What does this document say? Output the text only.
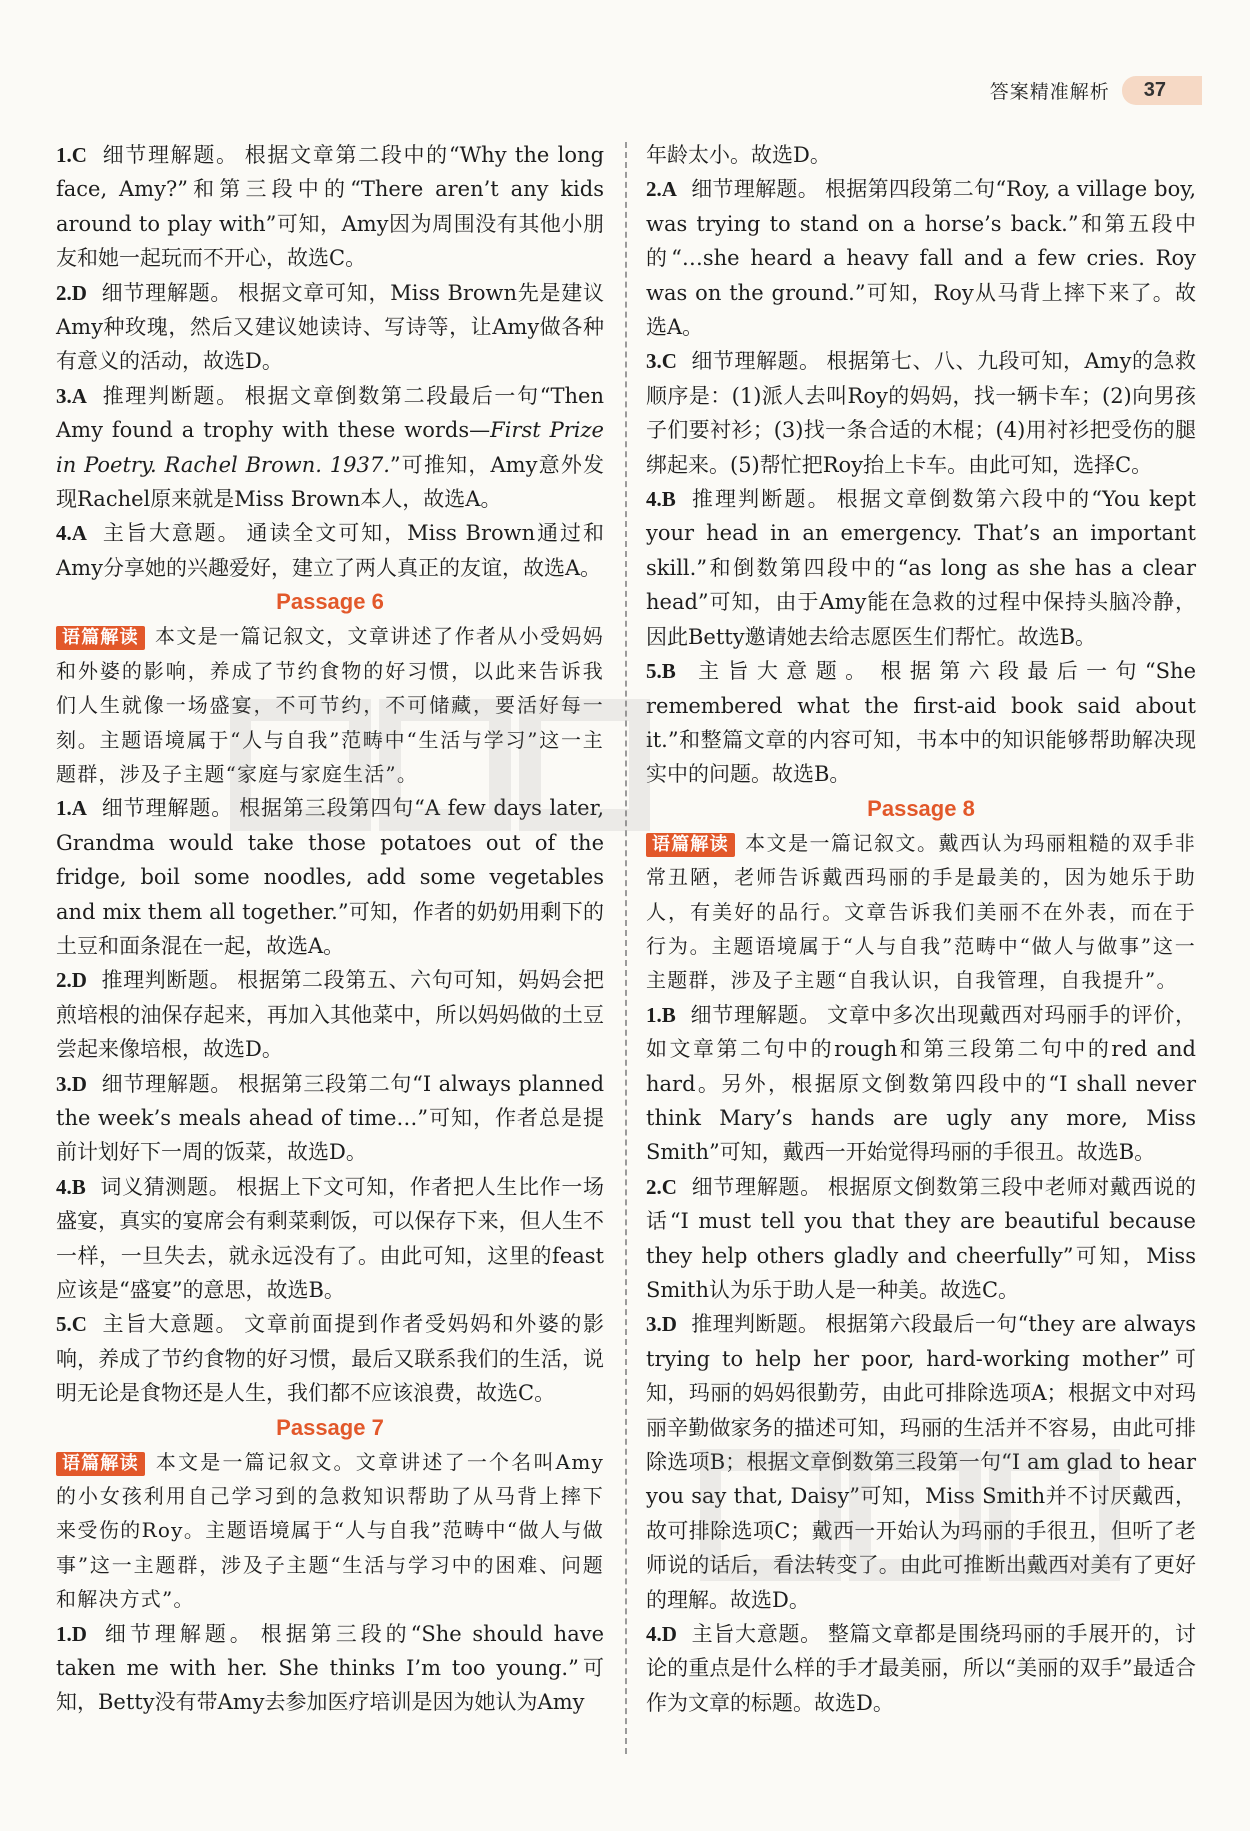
答案精准解析	37

1.C 细节理解题。 根据文章第二段中的“Why the long face, Amy?”和第三段中的“There aren’t any kids around to play with”可知，Amy因为周围没有其他小朋友和她一起玩而不开心，故选C。

2.D 细节理解题。 根据文章可知，Miss Brown先是建议Amy种玫瑰，然后又建议她读诗、写诗等，让Amy做各种有意义的活动，故选D。

3.A 推理判断题。 根据文章倒数第二段最后一句“Then Amy found a trophy with these words—First Prize in Poetry. Rachel Brown. 1937.”可推知，Amy意外发现Rachel原来就是Miss Brown本人，故选A。

4.A 主旨大意题。 通读全文可知，Miss Brown通过和Amy分享她的兴趣爱好，建立了两人真正的友谊，故选A。

Passage 6

语篇解读 本文是一篇记叙文，文章讲述了作者从小受妈妈和外婆的影响，养成了节约食物的好习惯，以此来告诉我们人生就像一场盛宴，不可节约，不可储藏，要活好每一刻。主题语境属于“人与自我”范畴中“生活与学习”这一主题群，涉及子主题“家庭与家庭生活”。

1.A 细节理解题。 根据第三段第四句“A few days later, Grandma would take those potatoes out of the fridge, boil some noodles, add some vegetables and mix them all together.”可知，作者的奶奶用剩下的土豆和面条混在一起，故选A。

2.D 推理判断题。 根据第二段第五、六句可知，妈妈会把煎培根的油保存起来，再加入其他菜中，所以妈妈做的土豆尝起来像培根，故选D。

3.D 细节理解题。 根据第三段第二句“I always planned the week’s meals ahead of time…”可知，作者总是提前计划好下一周的饭菜，故选D。

4.B 词义猜测题。 根据上下文可知，作者把人生比作一场盛宴，真实的宴席会有剩菜剩饭，可以保存下来，但人生不一样，一旦失去，就永远没有了。由此可知，这里的feast应该是“盛宴”的意思，故选B。

5.C 主旨大意题。 文章前面提到作者受妈妈和外婆的影响，养成了节约食物的好习惯，最后又联系我们的生活，说明无论是食物还是人生，我们都不应该浪费，故选C。

Passage 7

语篇解读 本文是一篇记叙文。文章讲述了一个名叫Amy的小女孩利用自己学习到的急救知识帮助了从马背上摔下来受伤的Roy。主题语境属于“人与自我”范畴中“做人与做事”这一主题群，涉及子主题“生活与学习中的困难、问题和解决方式”。

1.D 细节理解题。 根据第三段的“She should have taken me with her. She thinks I’m too young.”可知，Betty没有带Amy去参加医疗培训是因为她认为Amy

年龄太小。故选D。

2.A 细节理解题。 根据第四段第二句“Roy, a village boy, was trying to stand on a horse’s back.”和第五段中的“…she heard a heavy fall and a few cries. Roy was on the ground.”可知，Roy从马背上摔下来了。故选A。

3.C 细节理解题。 根据第七、八、九段可知，Amy的急救顺序是：(1)派人去叫Roy的妈妈，找一辆卡车；(2)向男孩子们要衬衫；(3)找一条合适的木棍；(4)用衬衫把受伤的腿绑起来。(5)帮忙把Roy抬上卡车。由此可知，选择C。

4.B 推理判断题。 根据文章倒数第六段中的“You kept your head in an emergency. That’s an important skill.”和倒数第四段中的“as long as she has a clear head”可知，由于Amy能在急救的过程中保持头脑冷静，因此Betty邀请她去给志愿医生们帮忙。故选B。

5.B 主旨大意题。 根据第六段最后一句“She remembered what the first-aid book said about it.”和整篇文章的内容可知，书本中的知识能够帮助解决现实中的问题。故选B。

Passage 8

语篇解读 本文是一篇记叙文。戴西认为玛丽粗糙的双手非常丑陋，老师告诉戴西玛丽的手是最美的，因为她乐于助人，有美好的品行。文章告诉我们美丽不在外表，而在于行为。主题语境属于“人与自我”范畴中“做人与做事”这一主题群，涉及子主题“自我认识，自我管理，自我提升”。

1.B 细节理解题。 文章中多次出现戴西对玛丽手的评价，如文章第二句中的rough和第三段第二句中的red and hard。另外，根据原文倒数第四段中的“I shall never think Mary’s hands are ugly any more, Miss Smith”可知，戴西一开始觉得玛丽的手很丑。故选B。

2.C 细节理解题。 根据原文倒数第三段中老师对戴西说的话“I must tell you that they are beautiful because they help others gladly and cheerfully”可知，Miss Smith认为乐于助人是一种美。故选C。

3.D 推理判断题。 根据第六段最后一句“they are always trying to help her poor, hard-working mother”可知，玛丽的妈妈很勤劳，由此可排除选项A；根据文中对玛丽辛勤做家务的描述可知，玛丽的生活并不容易，由此可排除选项B；根据文章倒数第三段第一句“I am glad to hear you say that, Daisy”可知，Miss Smith并不讨厌戴西，故可排除选项C；戴西一开始认为玛丽的手很丑，但听了老师说的话后，看法转变了。由此可推断出戴西对美有了更好的理解。故选D。

4.D 主旨大意题。 整篇文章都是围绕玛丽的手展开的，讨论的重点是什么样的手才最美丽，所以“美丽的双手”最适合作为文章的标题。故选D。
